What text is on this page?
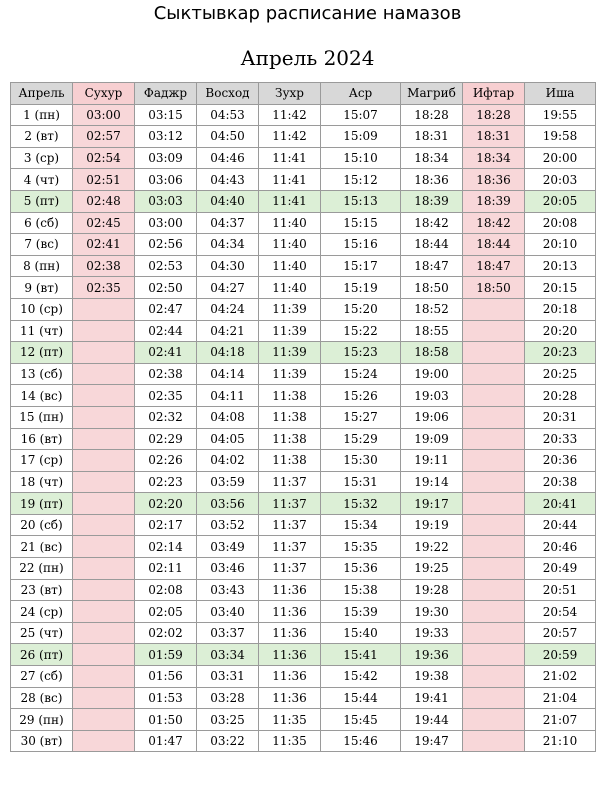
Сыктывкар расписание намазов
Апрель 2024
Апрель	Сухур	Фаджр	Восход	Зухр	Аср	Магриб	Ифтар	Иша
1 (пн)	03:00	03:15	04:53	11:42	15:07	18:28	18:28	19:55
2 (вт)	02:57	03:12	04:50	11:42	15:09	18:31	18:31	19:58
3 (ср)	02:54	03:09	04:46	11:41	15:10	18:34	18:34	20:00
4 (чт)	02:51	03:06	04:43	11:41	15:12	18:36	18:36	20:03
5 (пт)	02:48	03:03	04:40	11:41	15:13	18:39	18:39	20:05
6 (сб)	02:45	03:00	04:37	11:40	15:15	18:42	18:42	20:08
7 (вс)	02:41	02:56	04:34	11:40	15:16	18:44	18:44	20:10
8 (пн)	02:38	02:53	04:30	11:40	15:17	18:47	18:47	20:13
9 (вт)	02:35	02:50	04:27	11:40	15:19	18:50	18:50	20:15
10 (ср)		02:47	04:24	11:39	15:20	18:52		20:18
11 (чт)		02:44	04:21	11:39	15:22	18:55		20:20
12 (пт)		02:41	04:18	11:39	15:23	18:58		20:23
13 (сб)		02:38	04:14	11:39	15:24	19:00		20:25
14 (вс)		02:35	04:11	11:38	15:26	19:03		20:28
15 (пн)		02:32	04:08	11:38	15:27	19:06		20:31
16 (вт)		02:29	04:05	11:38	15:29	19:09		20:33
17 (ср)		02:26	04:02	11:38	15:30	19:11		20:36
18 (чт)		02:23	03:59	11:37	15:31	19:14		20:38
19 (пт)		02:20	03:56	11:37	15:32	19:17		20:41
20 (сб)		02:17	03:52	11:37	15:34	19:19		20:44
21 (вс)		02:14	03:49	11:37	15:35	19:22		20:46
22 (пн)		02:11	03:46	11:37	15:36	19:25		20:49
23 (вт)		02:08	03:43	11:36	15:38	19:28		20:51
24 (ср)		02:05	03:40	11:36	15:39	19:30		20:54
25 (чт)		02:02	03:37	11:36	15:40	19:33		20:57
26 (пт)		01:59	03:34	11:36	15:41	19:36		20:59
27 (сб)		01:56	03:31	11:36	15:42	19:38		21:02
28 (вс)		01:53	03:28	11:36	15:44	19:41		21:04
29 (пн)		01:50	03:25	11:35	15:45	19:44		21:07
30 (вт)		01:47	03:22	11:35	15:46	19:47		21:10
